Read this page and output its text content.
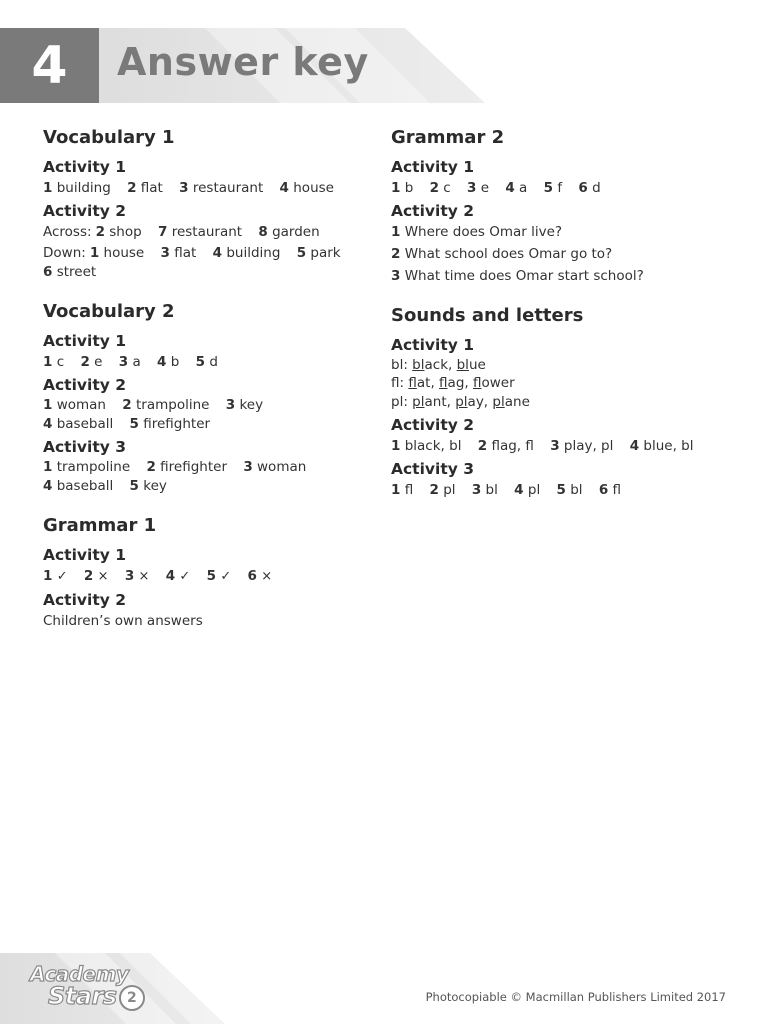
4 Answer key
Vocabulary 1
Activity 1
1 building 2 flat 3 restaurant 4 house
Activity 2
Across: 2 shop 7 restaurant 8 garden
Down: 1 house 3 flat 4 building 5 park
6 street
Vocabulary 2
Activity 1
1 c 2 e 3 a 4 b 5 d
Activity 2
1 woman 2 trampoline 3 key
4 baseball 5 firefighter
Activity 3
1 trampoline 2 firefighter 3 woman
4 baseball 5 key
Grammar 1
Activity 1
1 ✓ 2 × 3 × 4 ✓ 5 ✓ 6 ×
Activity 2
Children’s own answers
Grammar 2
Activity 1
1 b 2 c 3 e 4 a 5 f 6 d
Activity 2
1 Where does Omar live?
2 What school does Omar go to?
3 What time does Omar start school?
Sounds and letters
Activity 1
bl: black, blue
fl: flat, flag, flower
pl: plant, play, plane
Activity 2
1 black, bl 2 flag, fl 3 play, pl 4 blue, bl
Activity 3
1 fl 2 pl 3 bl 4 pl 5 bl 6 fl
Academy
Stars 2	Photocopiable © Macmillan Publishers Limited 2017
